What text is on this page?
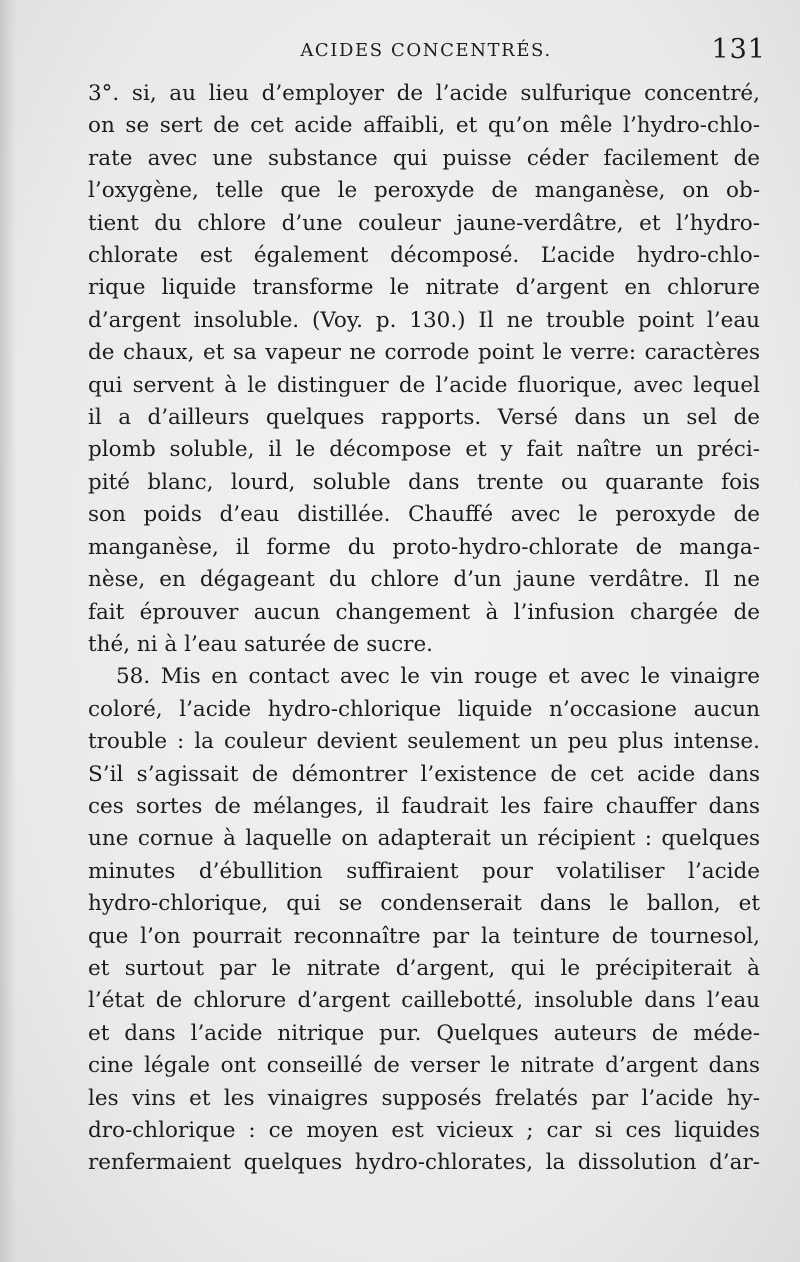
ACIDES CONCENTRÉS.	131
3°. si, au lieu d’employer de l’acide sulfurique concentré,
on se sert de cet acide affaibli, et qu’on mêle l’hydro-chlo-
rate avec une substance qui puisse céder facilement de
l’oxygène, telle que le peroxyde de manganèse, on ob-
tient du chlore d’une couleur jaune-verdâtre, et l’hydro-
chlorate est également décomposé. L’acide hydro-chlo-
rique liquide transforme le nitrate d’argent en chlorure
d’argent insoluble. (Voy. p. 130.) Il ne trouble point l’eau
de chaux, et sa vapeur ne corrode point le verre: caractères
qui servent à le distinguer de l’acide fluorique, avec lequel
il a d’ailleurs quelques rapports. Versé dans un sel de
plomb soluble, il le décompose et y fait naître un préci-
pité blanc, lourd, soluble dans trente ou quarante fois
son poids d’eau distillée. Chauffé avec le peroxyde de
manganèse, il forme du proto-hydro-chlorate de manga-
nèse, en dégageant du chlore d’un jaune verdâtre. Il ne
fait éprouver aucun changement à l’infusion chargée de
thé, ni à l’eau saturée de sucre.
58. Mis en contact avec le vin rouge et avec le vinaigre
coloré, l’acide hydro-chlorique liquide n’occasione aucun
trouble : la couleur devient seulement un peu plus intense.
S’il s’agissait de démontrer l’existence de cet acide dans
ces sortes de mélanges, il faudrait les faire chauffer dans
une cornue à laquelle on adapterait un récipient : quelques
minutes d’ébullition suffiraient pour volatiliser l’acide
hydro-chlorique, qui se condenserait dans le ballon, et
que l’on pourrait reconnaître par la teinture de tournesol,
et surtout par le nitrate d’argent, qui le précipiterait à
l’état de chlorure d’argent caillebotté, insoluble dans l’eau
et dans l’acide nitrique pur. Quelques auteurs de méde-
cine légale ont conseillé de verser le nitrate d’argent dans
les vins et les vinaigres supposés frelatés par l’acide hy-
dro-chlorique : ce moyen est vicieux ; car si ces liquides
renfermaient quelques hydro-chlorates, la dissolution d’ar-
